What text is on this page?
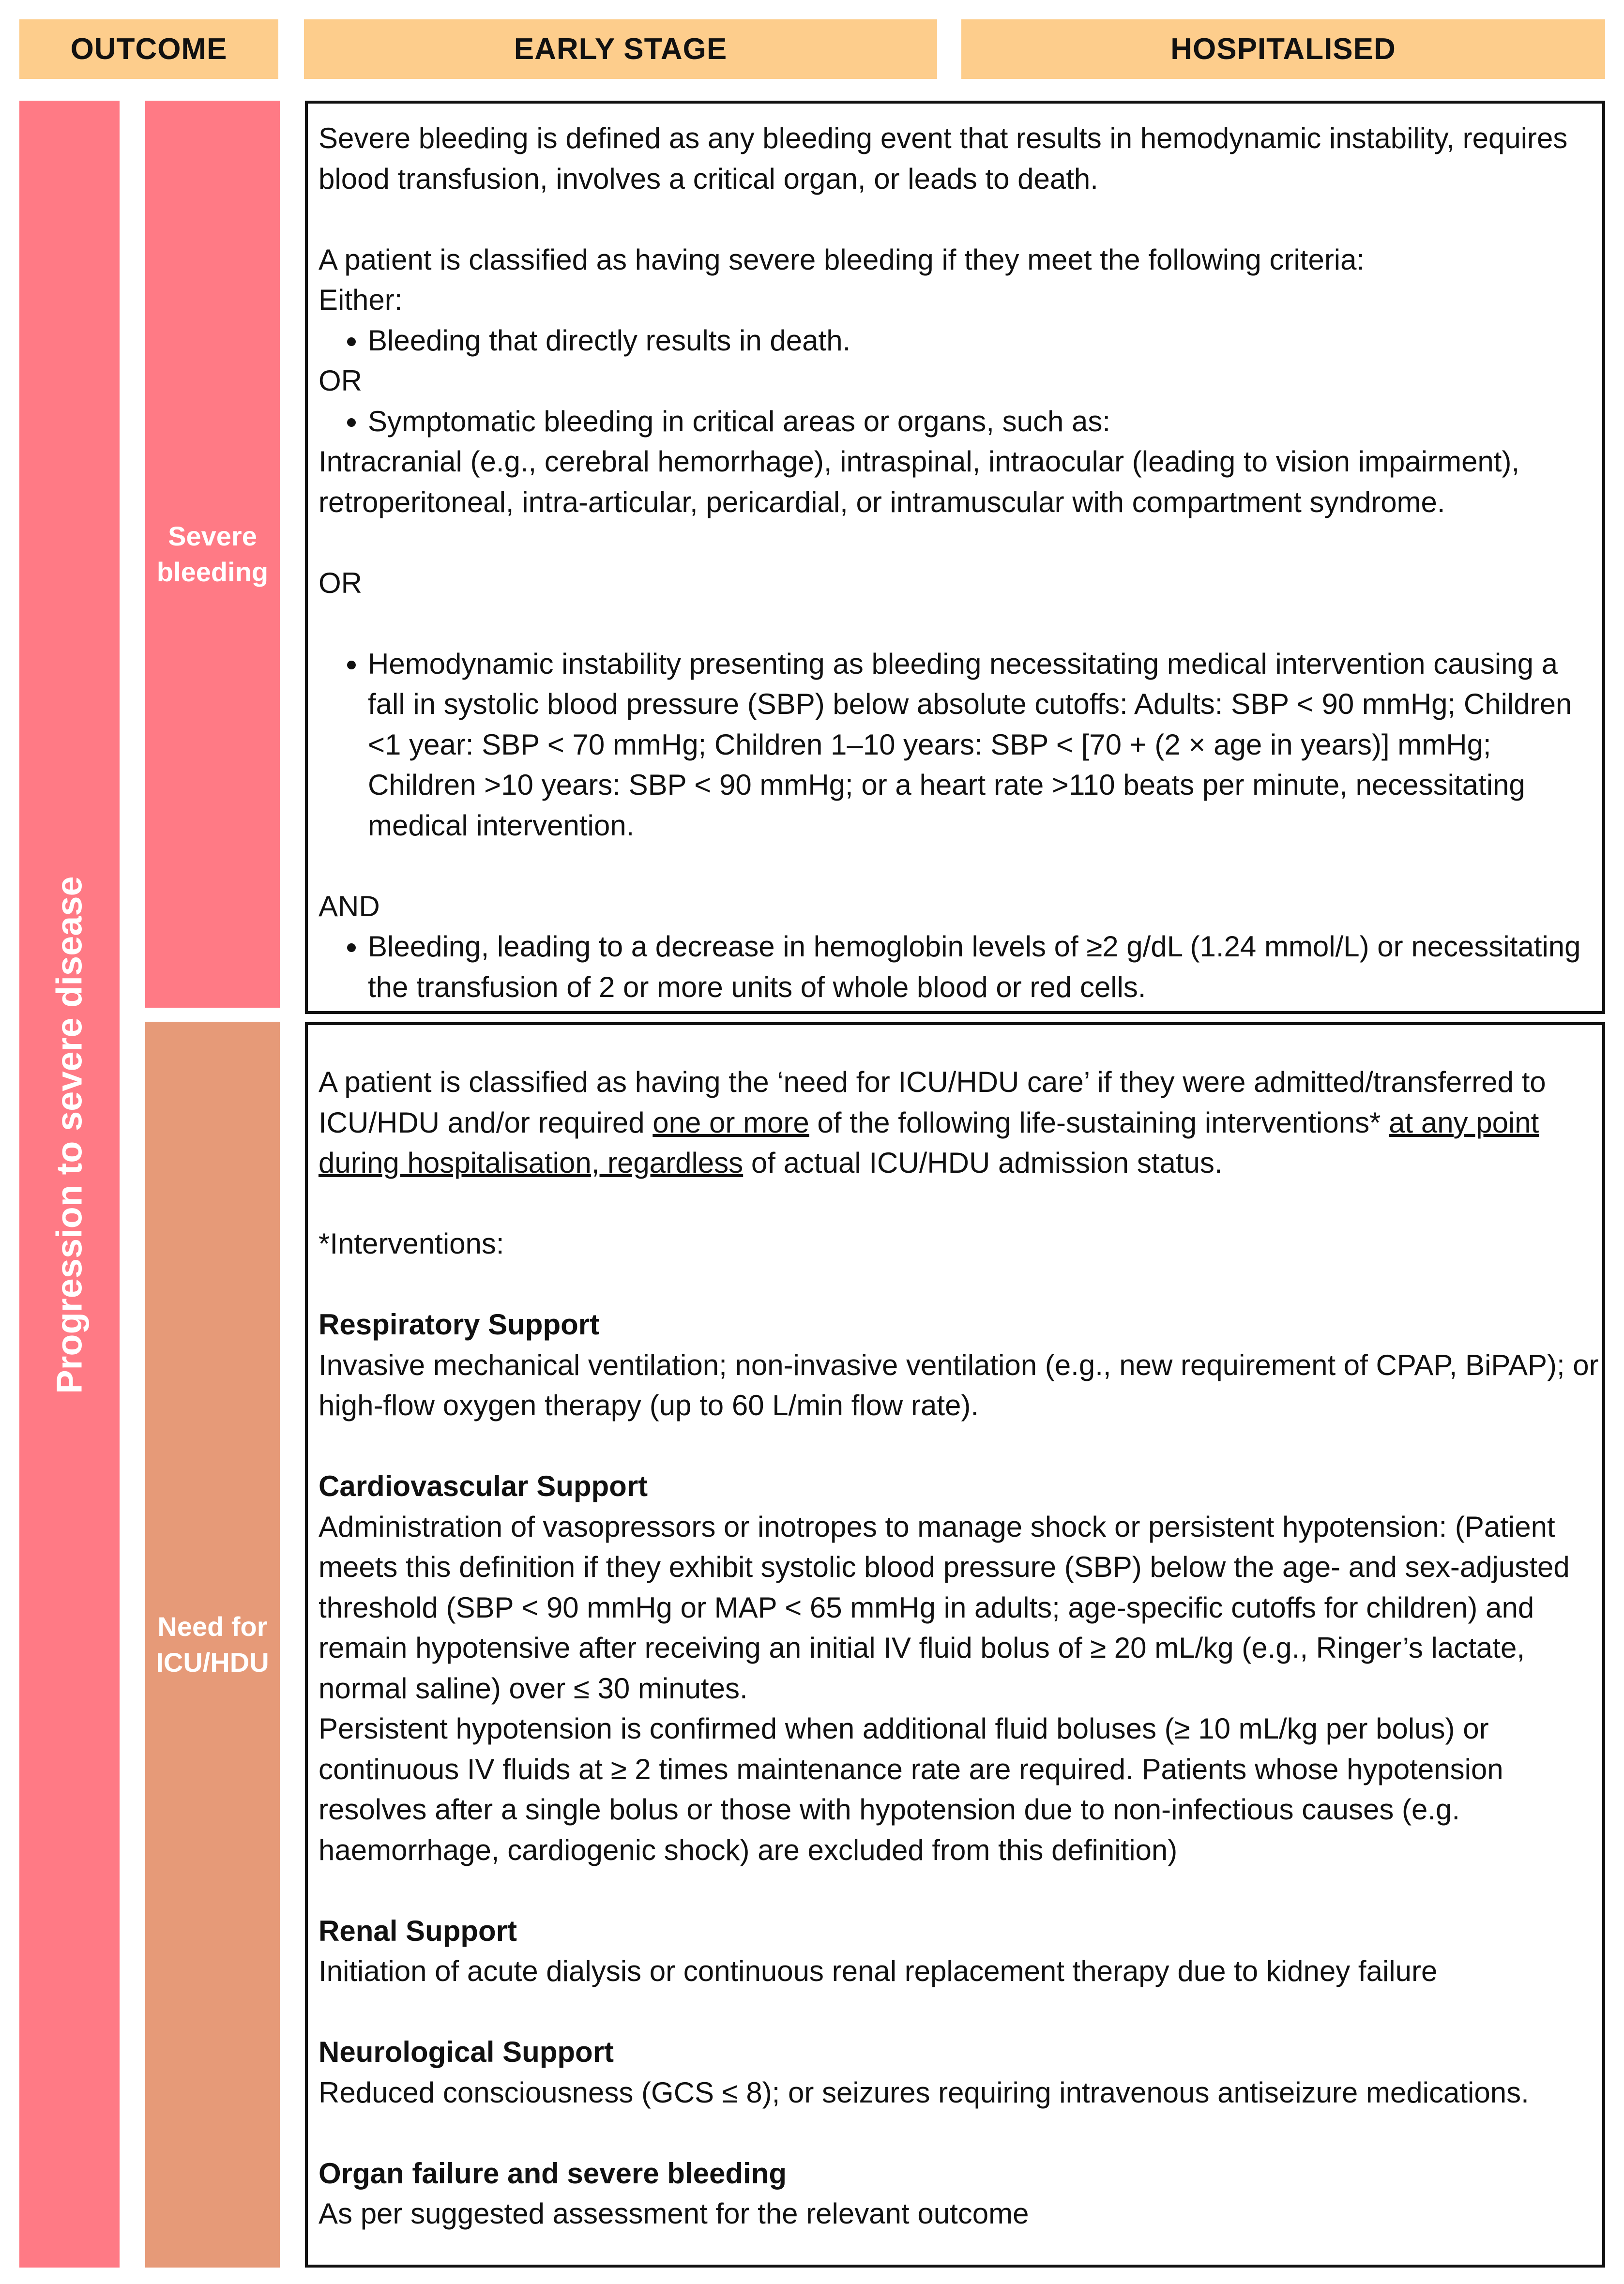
OUTCOME	EARLY STAGE	HOSPITALISED
Progression to severe disease
Severe
bleeding
Need for
ICU/HDU

Severe bleeding is defined as any bleeding event that results in hemodynamic instability, requires blood transfusion, involves a critical organ, or leads to death.

A patient is classified as having severe bleeding if they meet the following criteria:

Either:

• Bleeding that directly results in death.

OR

• Symptomatic bleeding in critical areas or organs, such as:

Intracranial (e.g., cerebral hemorrhage), intraspinal, intraocular (leading to vision impairment), retroperitoneal, intra-articular, pericardial, or intramuscular with compartment syndrome.

OR

• Hemodynamic instability presenting as bleeding necessitating medical intervention causing a fall in systolic blood pressure (SBP) below absolute cutoffs: Adults: SBP < 90 mmHg; Children <1 year: SBP < 70 mmHg; Children 1–10 years: SBP < [70 + (2 × age in years)] mmHg; Children >10 years: SBP < 90 mmHg; or a heart rate >110 beats per minute, necessitating medical intervention.

AND

• Bleeding, leading to a decrease in hemoglobin levels of ≥2 g/dL (1.24 mmol/L) or necessitating the transfusion of 2 or more units of whole blood or red cells.

A patient is classified as having the ‘need for ICU/HDU care’ if they were admitted/transferred to ICU/HDU and/or required one or more of the following life-sustaining interventions* at any point during hospitalisation, regardless of actual ICU/HDU admission status.

*Interventions:

Respiratory Support

Invasive mechanical ventilation; non-invasive ventilation (e.g., new requirement of CPAP, BiPAP); or high-flow oxygen therapy (up to 60 L/min flow rate).

Cardiovascular Support

Administration of vasopressors or inotropes to manage shock or persistent hypotension: (Patient meets this definition if they exhibit systolic blood pressure (SBP) below the age- and sex-adjusted threshold (SBP < 90 mmHg or MAP < 65 mmHg in adults; age-specific cutoffs for children) and remain hypotensive after receiving an initial IV fluid bolus of ≥ 20 mL/kg (e.g., Ringer’s lactate, normal saline) over ≤ 30 minutes.

Persistent hypotension is confirmed when additional fluid boluses (≥ 10 mL/kg per bolus) or continuous IV fluids at ≥ 2 times maintenance rate are required. Patients whose hypotension resolves after a single bolus or those with hypotension due to non-infectious causes (e.g. haemorrhage, cardiogenic shock) are excluded from this definition)

Renal Support

Initiation of acute dialysis or continuous renal replacement therapy due to kidney failure

Neurological Support

Reduced consciousness (GCS ≤ 8); or seizures requiring intravenous antiseizure medications.

Organ failure and severe bleeding

As per suggested assessment for the relevant outcome
